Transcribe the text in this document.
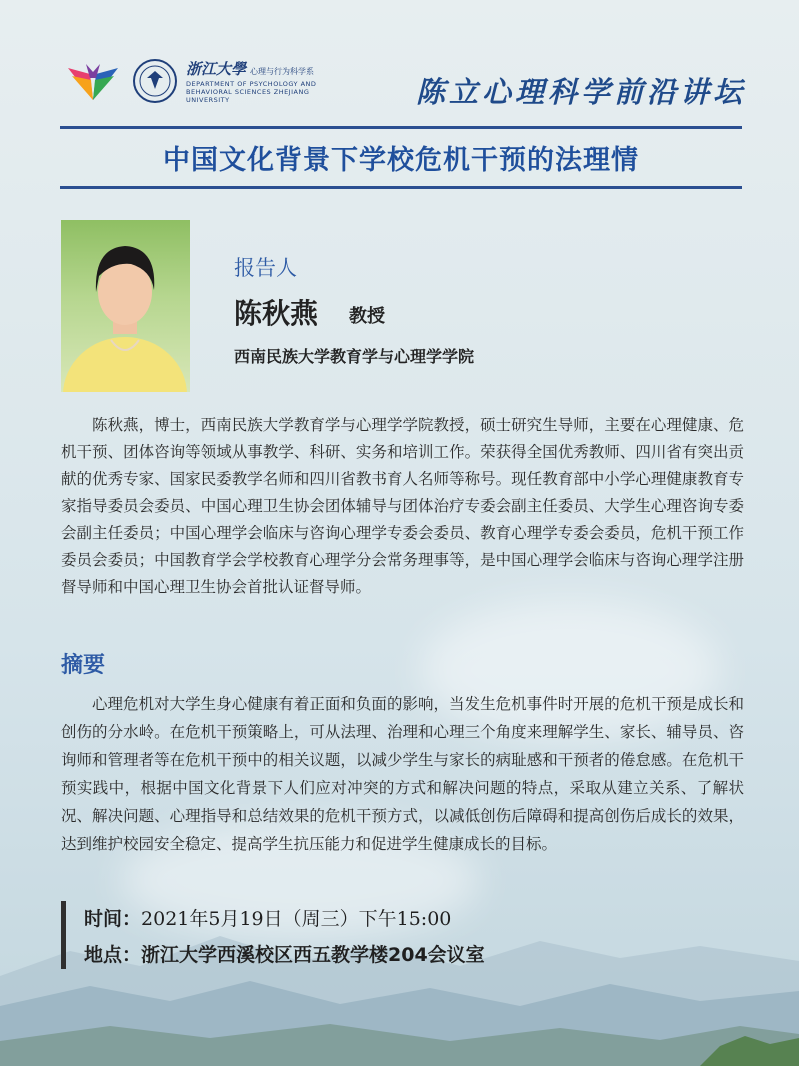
浙江大學 心理与行为科学系
DEPARTMENT OF PSYCHOLOGY AND BEHAVIORAL SCIENCES ZHEJIANG UNIVERSITY	陈立心理科学前沿讲坛
中国文化背景下学校危机干预的法理情
报告人
陈秋燕 教授
西南民族大学教育学与心理学学院

陈秋燕，博士，西南民族大学教育学与心理学学院教授，硕士研究生导师，主要在心理健康、危机干预、团体咨询等领域从事教学、科研、实务和培训工作。荣获得全国优秀教师、四川省有突出贡献的优秀专家、国家民委教学名师和四川省教书育人名师等称号。现任教育部中小学心理健康教育专家指导委员会委员、中国心理卫生协会团体辅导与团体治疗专委会副主任委员、大学生心理咨询专委会副主任委员；中国心理学会临床与咨询心理学专委会委员、教育心理学专委会委员，危机干预工作委员会委员；中国教育学会学校教育心理学分会常务理事等，是中国心理学会临床与咨询心理学注册督导师和中国心理卫生协会首批认证督导师。

摘要

心理危机对大学生身心健康有着正面和负面的影响，当发生危机事件时开展的危机干预是成长和创伤的分水岭。在危机干预策略上，可从法理、治理和心理三个角度来理解学生、家长、辅导员、咨询师和管理者等在危机干预中的相关议题，以减少学生与家长的病耻感和干预者的倦怠感。在危机干预实践中，根据中国文化背景下人们应对冲突的方式和解决问题的特点，采取从建立关系、了解状况、解决问题、心理指导和总结效果的危机干预方式，以减低创伤后障碍和提高创伤后成长的效果，达到维护校园安全稳定、提高学生抗压能力和促进学生健康成长的目标。

时间：2021年5月19日（周三）下午15:00
地点：浙江大学西溪校区西五教学楼204会议室
